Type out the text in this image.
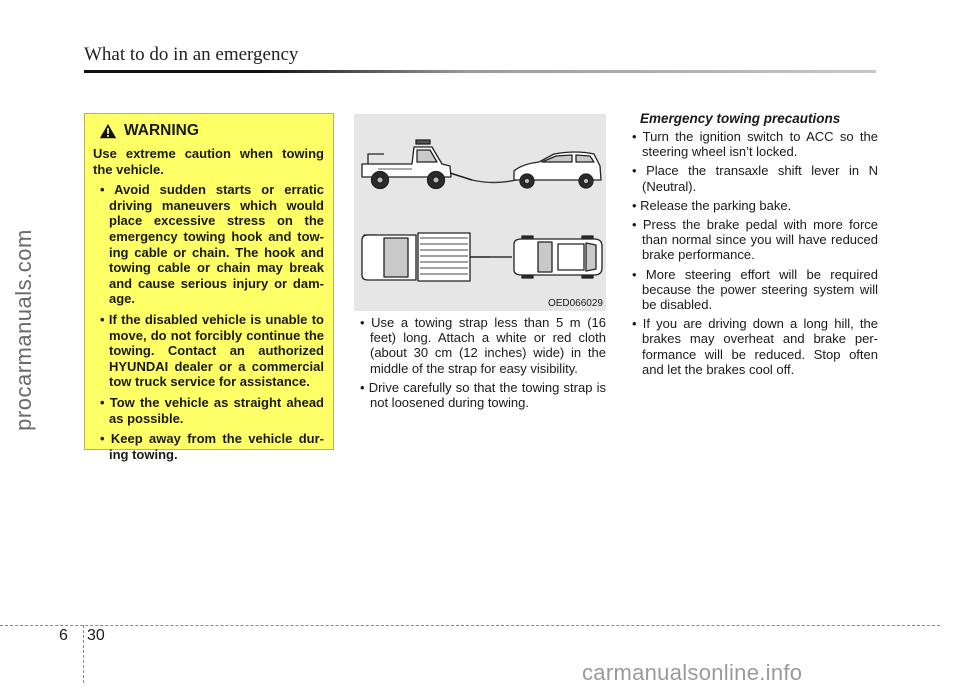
What to do in an emergency
procarmanuals.com
WARNING

Use extreme caution when towing the vehicle.

• Avoid sudden starts or erratic driving maneuvers which would place excessive stress on the emergency towing hook and tow-ing cable or chain. The hook and towing cable or chain may break and cause serious injury or dam-age.
• If the disabled vehicle is unable to move, do not forcibly continue the towing. Contact an authorized HYUNDAI dealer or a commercial tow truck service for assistance.
• Tow the vehicle as straight ahead as possible.
• Keep away from the vehicle dur-ing towing.
OED066029
• Use a towing strap less than 5 m (16 feet) long. Attach a white or red cloth (about 30 cm (12 inches) wide) in the middle of the strap for easy visibility.
• Drive carefully so that the towing strap is not loosened during towing.

Emergency towing precautions

• Turn the ignition switch to ACC so the steering wheel isn’t locked.
• Place the transaxle shift lever in N (Neutral).
• Release the parking bake.
• Press the brake pedal with more force than normal since you will have reduced brake performance.
• More steering effort will be required because the power steering system will be disabled.
• If you are driving down a long hill, the brakes may overheat and brake per-formance will be reduced. Stop often and let the brakes cool off.
6 30
carmanualsonline.info
